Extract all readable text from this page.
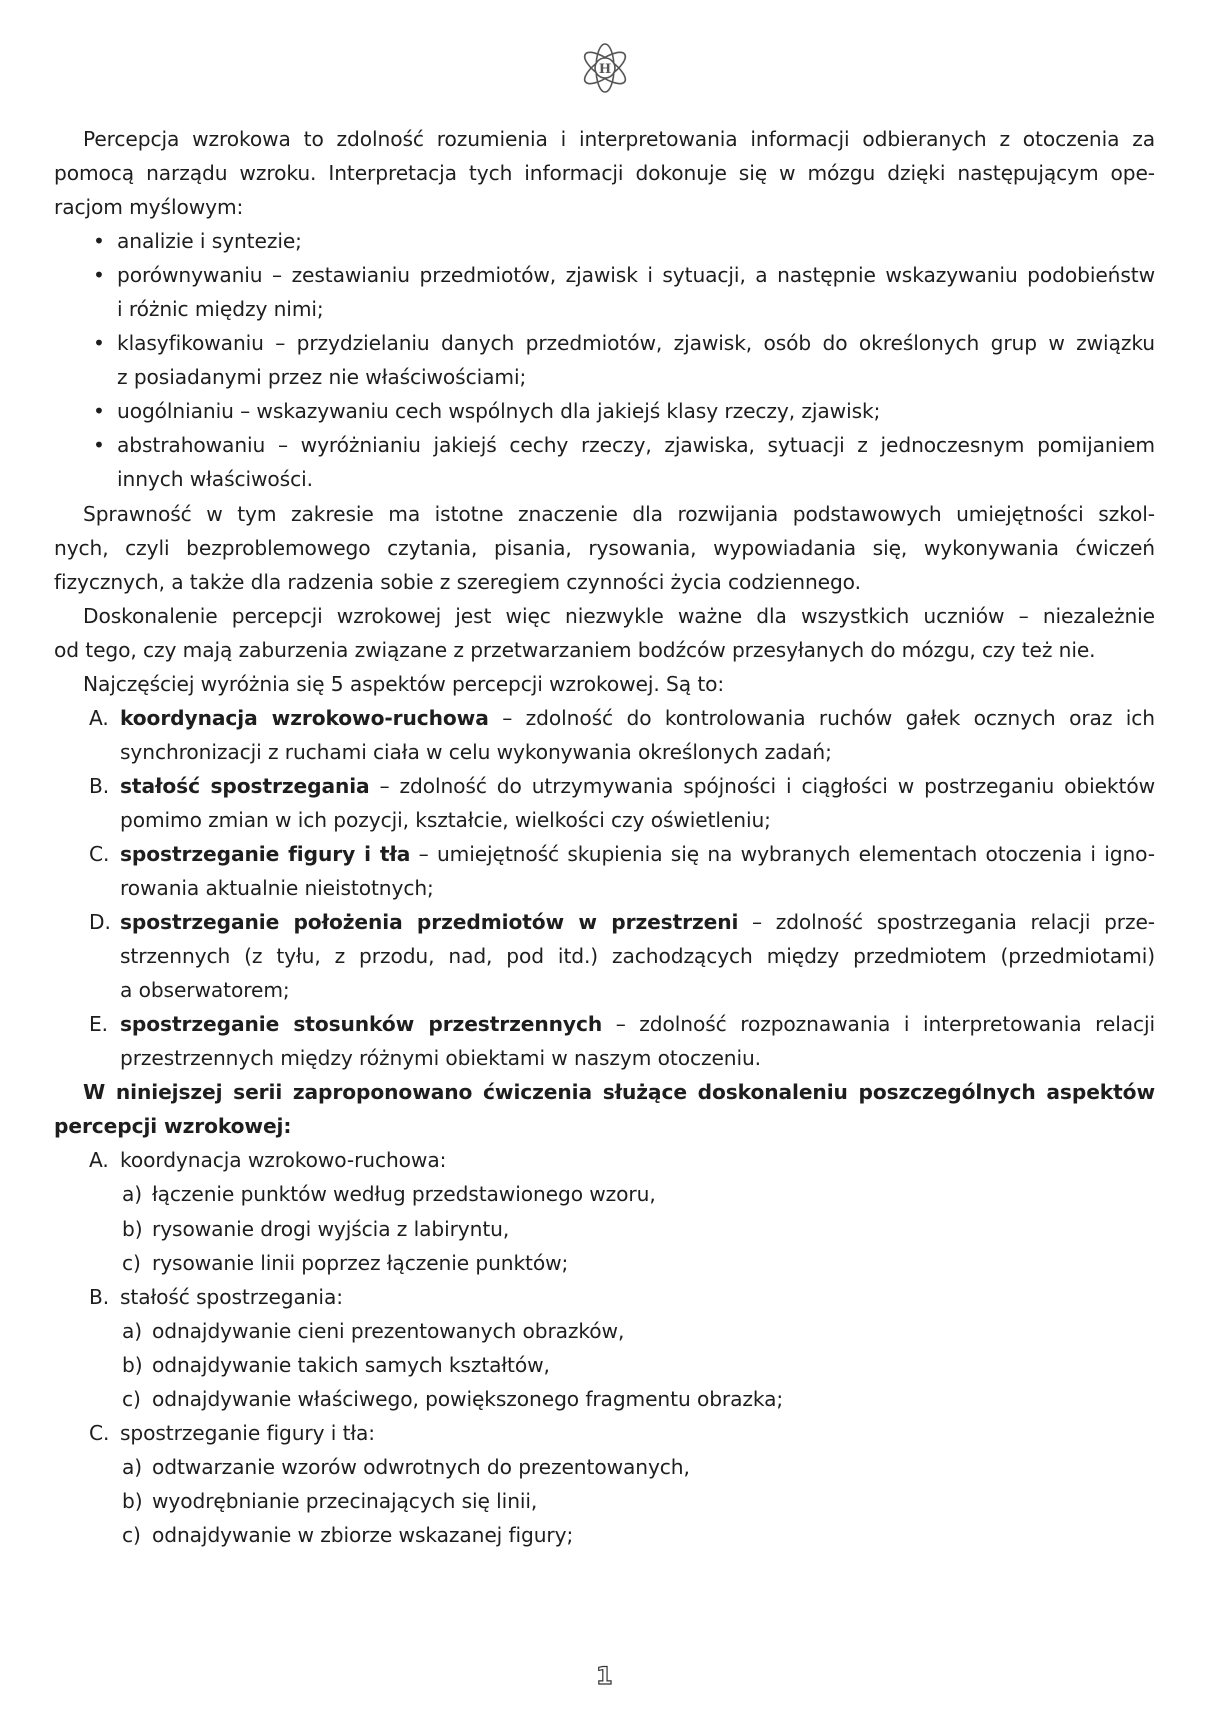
H
Percepcja wzrokowa to zdolność rozumienia i interpretowania informacji odbieranych z otoczenia za
pomocą narządu wzroku. Interpretacja tych informacji dokonuje się w mózgu dzięki następującym ope-
racjom myślowym:
• analizie i syntezie;
• porównywaniu – zestawianiu przedmiotów, zjawisk i sytuacji, a następnie wskazywaniu podobieństw
i różnic między nimi;
• klasyfikowaniu – przydzielaniu danych przedmiotów, zjawisk, osób do określonych grup w związku
z posiadanymi przez nie właściwościami;
• uogólnianiu – wskazywaniu cech wspólnych dla jakiejś klasy rzeczy, zjawisk;
• abstrahowaniu – wyróżnianiu jakiejś cechy rzeczy, zjawiska, sytuacji z jednoczesnym pomijaniem
innych właściwości.
Sprawność w tym zakresie ma istotne znaczenie dla rozwijania podstawowych umiejętności szkol-
nych, czyli bezproblemowego czytania, pisania, rysowania, wypowiadania się, wykonywania ćwiczeń
fizycznych, a także dla radzenia sobie z szeregiem czynności życia codziennego.
Doskonalenie percepcji wzrokowej jest więc niezwykle ważne dla wszystkich uczniów – niezależnie
od tego, czy mają zaburzenia związane z przetwarzaniem bodźców przesyłanych do mózgu, czy też nie.
Najczęściej wyróżnia się 5 aspektów percepcji wzrokowej. Są to:
A. koordynacja wzrokowo-ruchowa – zdolność do kontrolowania ruchów gałek ocznych oraz ich
synchronizacji z ruchami ciała w celu wykonywania określonych zadań;
B. stałość spostrzegania – zdolność do utrzymywania spójności i ciągłości w postrzeganiu obiektów
pomimo zmian w ich pozycji, kształcie, wielkości czy oświetleniu;
C. spostrzeganie figury i tła – umiejętność skupienia się na wybranych elementach otoczenia i igno-
rowania aktualnie nieistotnych;
D. spostrzeganie położenia przedmiotów w przestrzeni – zdolność spostrzegania relacji prze-
strzennych (z tyłu, z przodu, nad, pod itd.) zachodzących między przedmiotem (przedmiotami)
a obserwatorem;
E. spostrzeganie stosunków przestrzennych – zdolność rozpoznawania i interpretowania relacji
przestrzennych między różnymi obiektami w naszym otoczeniu.
W niniejszej serii zaproponowano ćwiczenia służące doskonaleniu poszczególnych aspektów
percepcji wzrokowej:
A. koordynacja wzrokowo-ruchowa:
a) łączenie punktów według przedstawionego wzoru,
b) rysowanie drogi wyjścia z labiryntu,
c) rysowanie linii poprzez łączenie punktów;
B. stałość spostrzegania:
a) odnajdywanie cieni prezentowanych obrazków,
b) odnajdywanie takich samych kształtów,
c) odnajdywanie właściwego, powiększonego fragmentu obrazka;
C. spostrzeganie figury i tła:
a) odtwarzanie wzorów odwrotnych do prezentowanych,
b) wyodrębnianie przecinających się linii,
c) odnajdywanie w zbiorze wskazanej figury;
1
